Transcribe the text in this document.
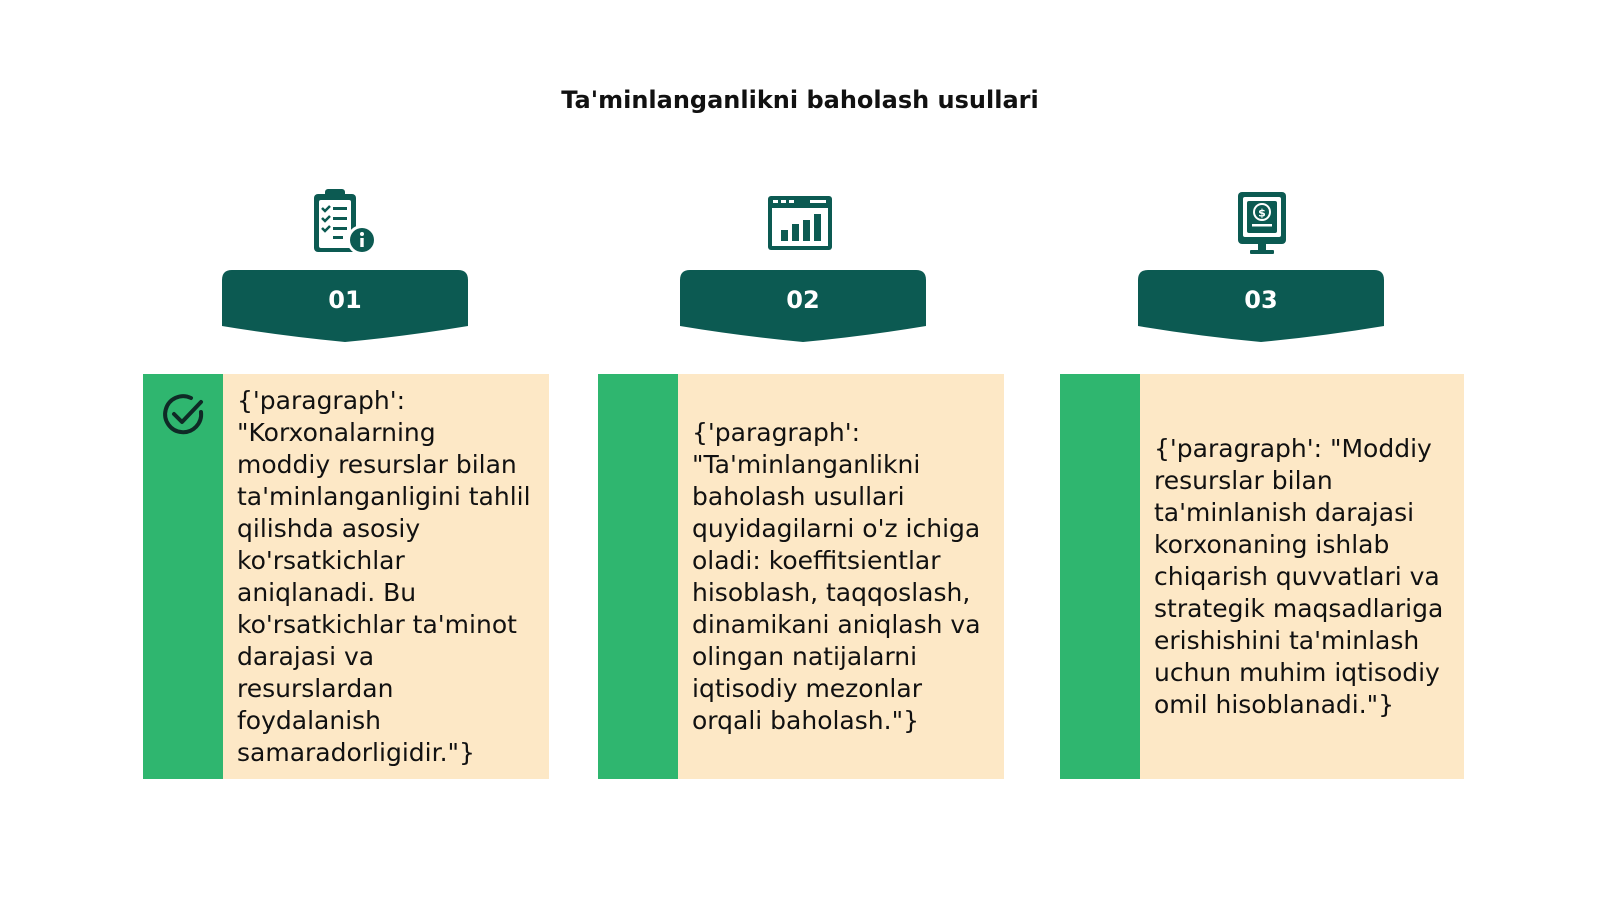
Ta'minlanganlikni baholash usullari
01
{'paragraph': "Korxonalarning moddiy resurslar bilan ta'minlanganligini tahlil qilishda asosiy ko'rsatkichlar aniqlanadi. Bu ko'rsatkichlar ta'minot darajasi va resurslardan foydalanish samaradorligidir."}
02
{'paragraph': "Ta'minlanganlikni baholash usullari quyidagilarni o'z ichiga oladi: koeffitsientlar hisoblash, taqqoslash, dinamikani aniqlash va olingan natijalarni iqtisodiy mezonlar orqali baholash."}
$
03
{'paragraph': "Moddiy resurslar bilan ta'minlanish darajasi korxonaning ishlab chiqarish quvvatlari va strategik maqsadlariga erishishini ta'minlash uchun muhim iqtisodiy omil hisoblanadi."}
